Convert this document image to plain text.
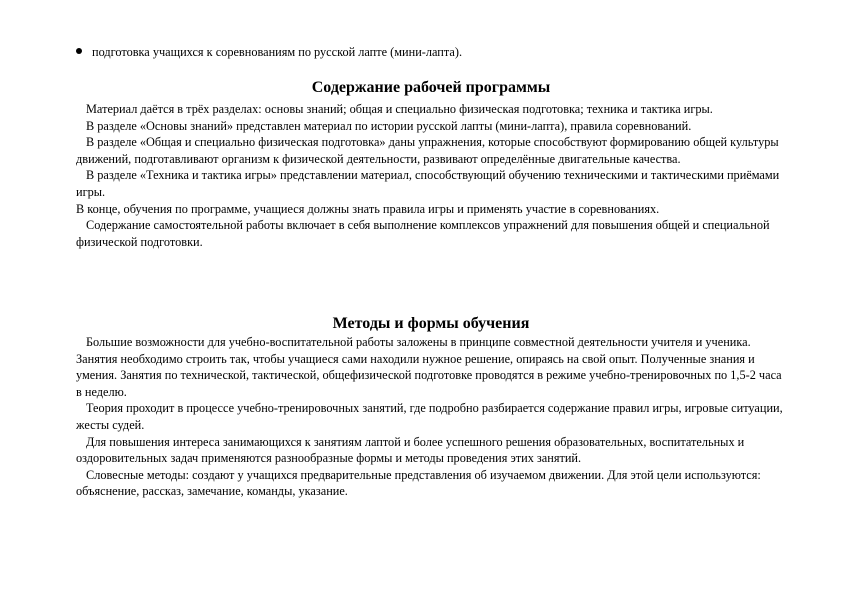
подготовка учащихся к соревнованиям по русской лапте (мини-лапта).
Содержание рабочей программы

Материал даётся в трёх разделах: основы знаний; общая и специально физическая подготовка; техника и тактика игры.

В разделе «Основы знаний» представлен материал по истории русской лапты (мини-лапта), правила соревнований.

В разделе «Общая и специально физическая подготовка» даны упражнения, которые способствуют формированию общей культуры движений, подготавливают организм к физической деятельности, развивают определённые двигательные качества.

В разделе «Техника и тактика игры» представлении материал, способствующий обучению техническими и тактическими приёмами игры.

В конце, обучения по программе, учащиеся должны знать правила игры и применять участие в соревнованиях.

Содержание самостоятельной работы включает в себя выполнение комплексов упражнений для повышения общей и специальной физической подготовки.

Методы и формы обучения

Большие возможности для учебно-воспитательной работы заложены в принципе совместной деятельности учителя и ученика. Занятия необходимо строить так, чтобы учащиеся сами находили нужное решение, опираясь на свой опыт. Полученные знания и умения. Занятия по технической, тактической, общефизической подготовке проводятся в режиме учебно-тренировочных по 1,5-2 часа в неделю.

Теория проходит в процессе учебно-тренировочных занятий, где подробно разбирается содержание правил игры, игровые ситуации, жесты судей.

Для повышения интереса занимающихся к занятиям лаптой и более успешного решения образовательных, воспитательных и оздоровительных задач применяются разнообразные формы и методы проведения этих занятий.

Словесные методы: создают у учащихся предварительные представления об изучаемом движении. Для этой цели используются: объяснение, рассказ, замечание, команды, указание.
